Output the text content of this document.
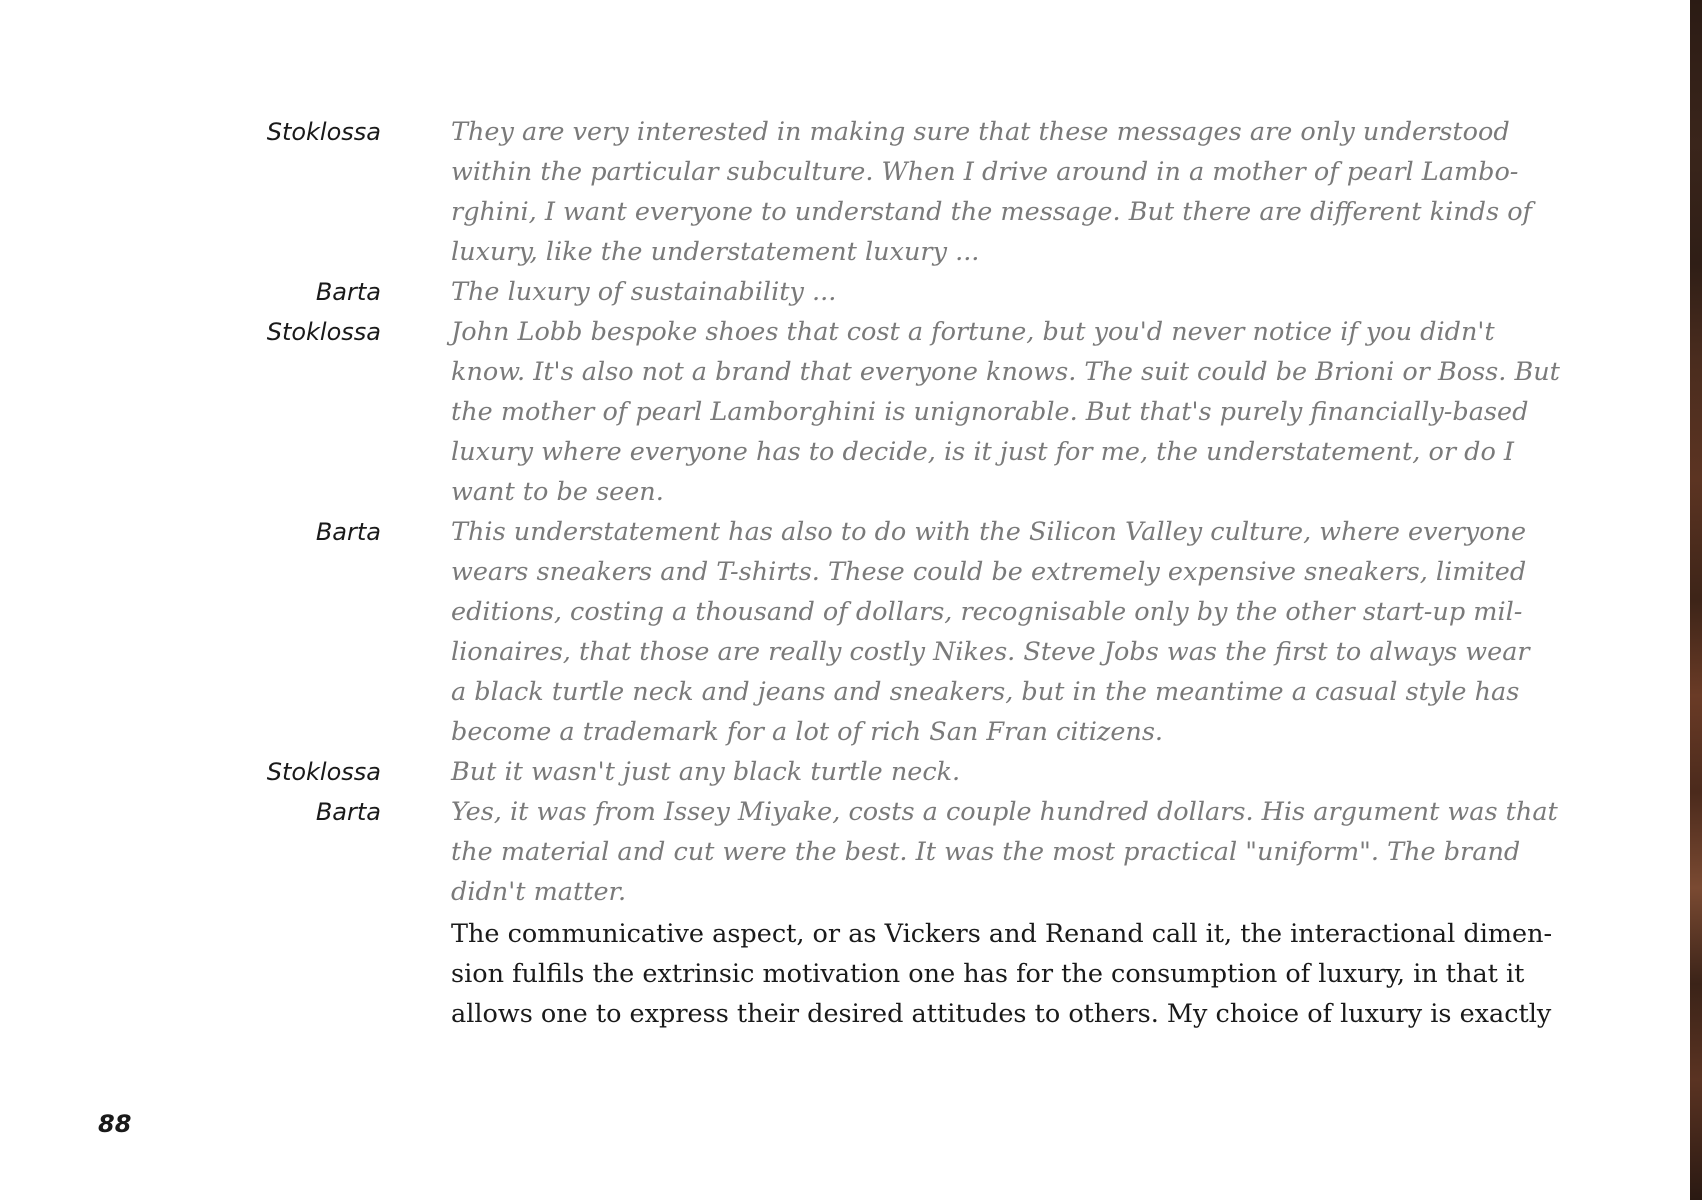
Stoklossa	They are very interested in making sure that these messages are only understood
within the particular subculture. When I drive around in a mother of pearl Lambo-
rghini, I want everyone to understand the message. But there are different kinds of
luxury, like the understatement luxury ...
Barta	The luxury of sustainability ...
Stoklossa	John Lobb bespoke shoes that cost a fortune, but you'd never notice if you didn't
know. It's also not a brand that everyone knows. The suit could be Brioni or Boss. But
the mother of pearl Lamborghini is unignorable. But that's purely financially-based
luxury where everyone has to decide, is it just for me, the understatement, or do I
want to be seen.
Barta	This understatement has also to do with the Silicon Valley culture, where everyone
wears sneakers and T-shirts. These could be extremely expensive sneakers, limited
editions, costing a thousand of dollars, recognisable only by the other start-up mil-
lionaires, that those are really costly Nikes. Steve Jobs was the first to always wear
a black turtle neck and jeans and sneakers, but in the meantime a casual style has
become a trademark for a lot of rich San Fran citizens.
Stoklossa	But it wasn't just any black turtle neck.
Barta	Yes, it was from Issey Miyake, costs a couple hundred dollars. His argument was that
the material and cut were the best. It was the most practical "uniform". The brand
didn't matter.
The communicative aspect, or as Vickers and Renand call it, the interactional dimen-
sion fulfils the extrinsic motivation one has for the consumption of luxury, in that it
allows one to express their desired attitudes to others. My choice of luxury is exactly
88
